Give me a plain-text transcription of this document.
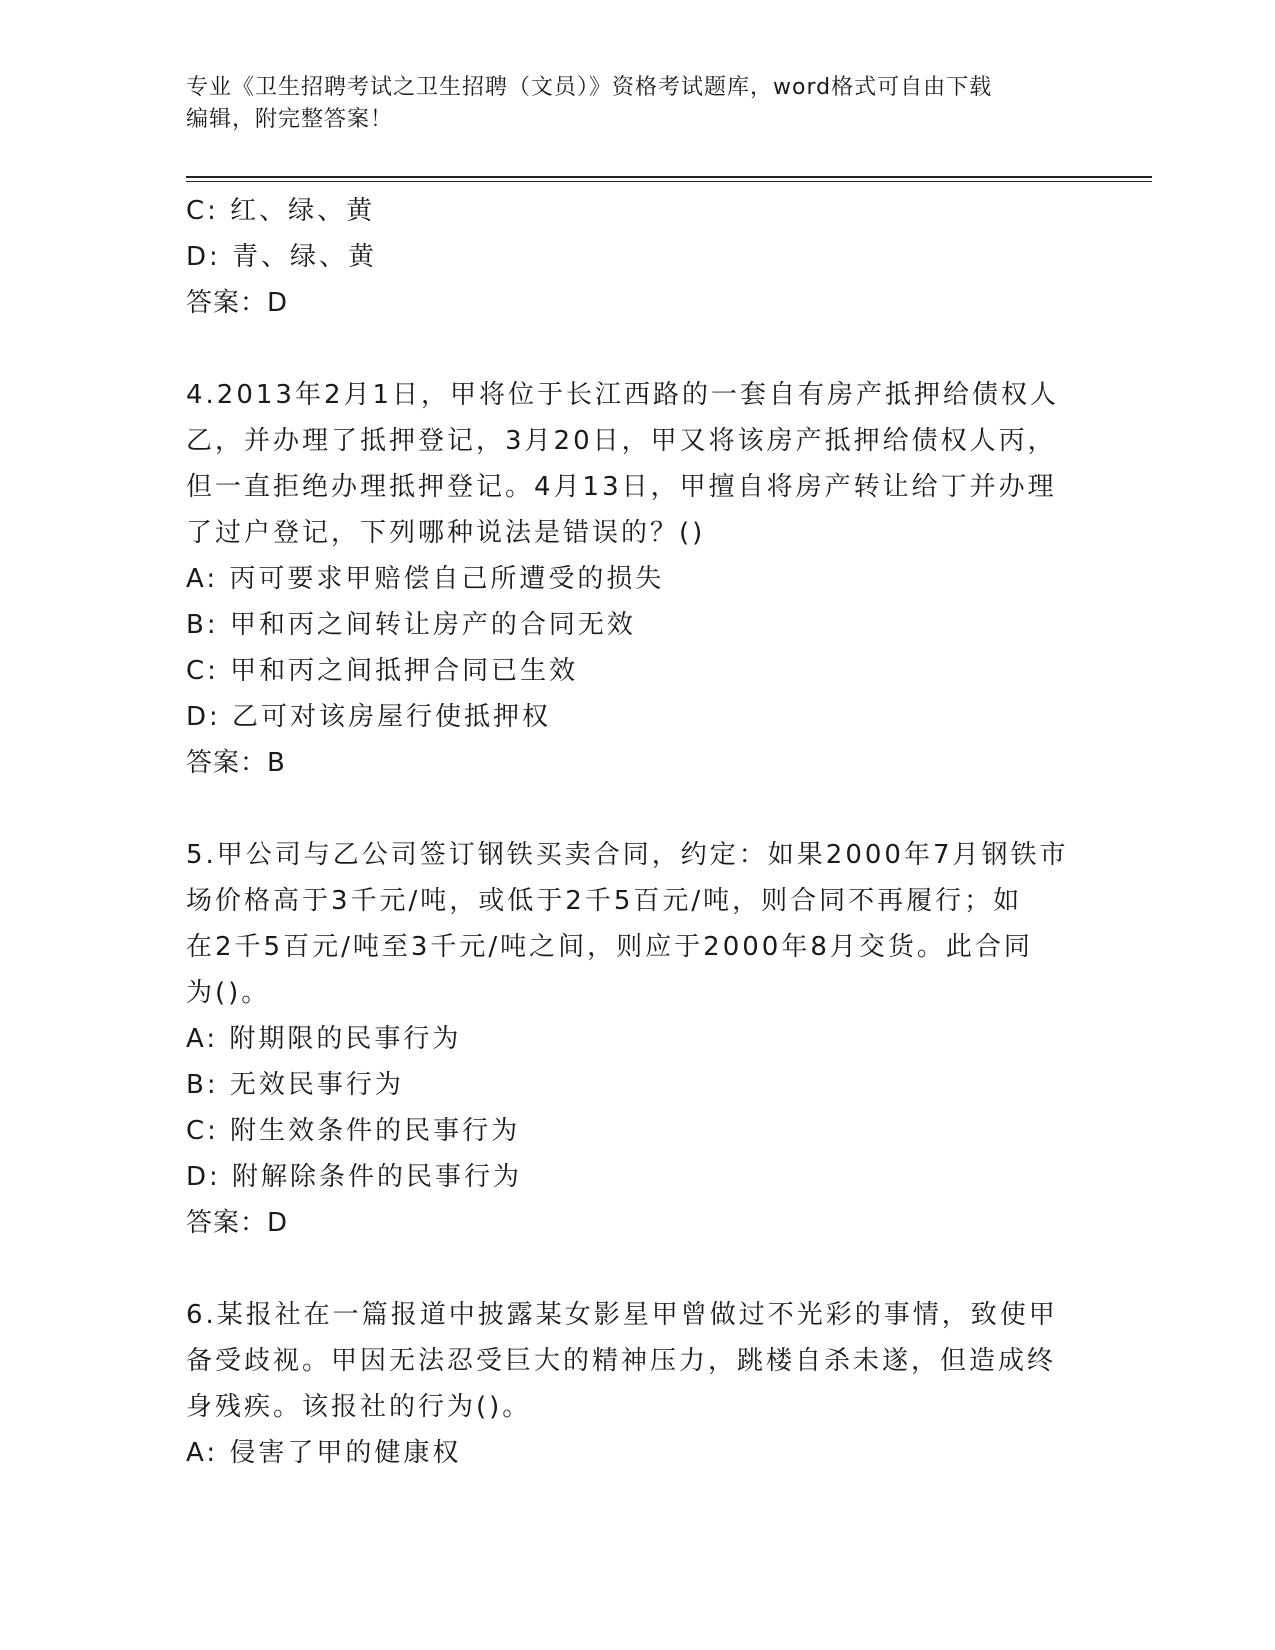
专业《卫生招聘考试之卫生招聘（文员）》资格考试题库，word格式可自由下载
编辑，附完整答案！
C: 红、绿、黄
D: 青、绿、黄
答案：D
4.2013年2月1日，甲将位于长江西路的一套自有房产抵押给债权人
乙，并办理了抵押登记，3月20日，甲又将该房产抵押给债权人丙，
但一直拒绝办理抵押登记。4月13日，甲擅自将房产转让给丁并办理
了过户登记，下列哪种说法是错误的？()
A: 丙可要求甲赔偿自己所遭受的损失
B: 甲和丙之间转让房产的合同无效
C: 甲和丙之间抵押合同已生效
D: 乙可对该房屋行使抵押权
答案：B
5.甲公司与乙公司签订钢铁买卖合同，约定：如果2000年7月钢铁市
场价格高于3千元/吨，或低于2千5百元/吨，则合同不再履行；如
在2千5百元/吨至3千元/吨之间，则应于2000年8月交货。此合同
为()。
A: 附期限的民事行为
B: 无效民事行为
C: 附生效条件的民事行为
D: 附解除条件的民事行为
答案：D
6.某报社在一篇报道中披露某女影星甲曾做过不光彩的事情，致使甲
备受歧视。甲因无法忍受巨大的精神压力，跳楼自杀未遂，但造成终
身残疾。该报社的行为()。
A: 侵害了甲的健康权
